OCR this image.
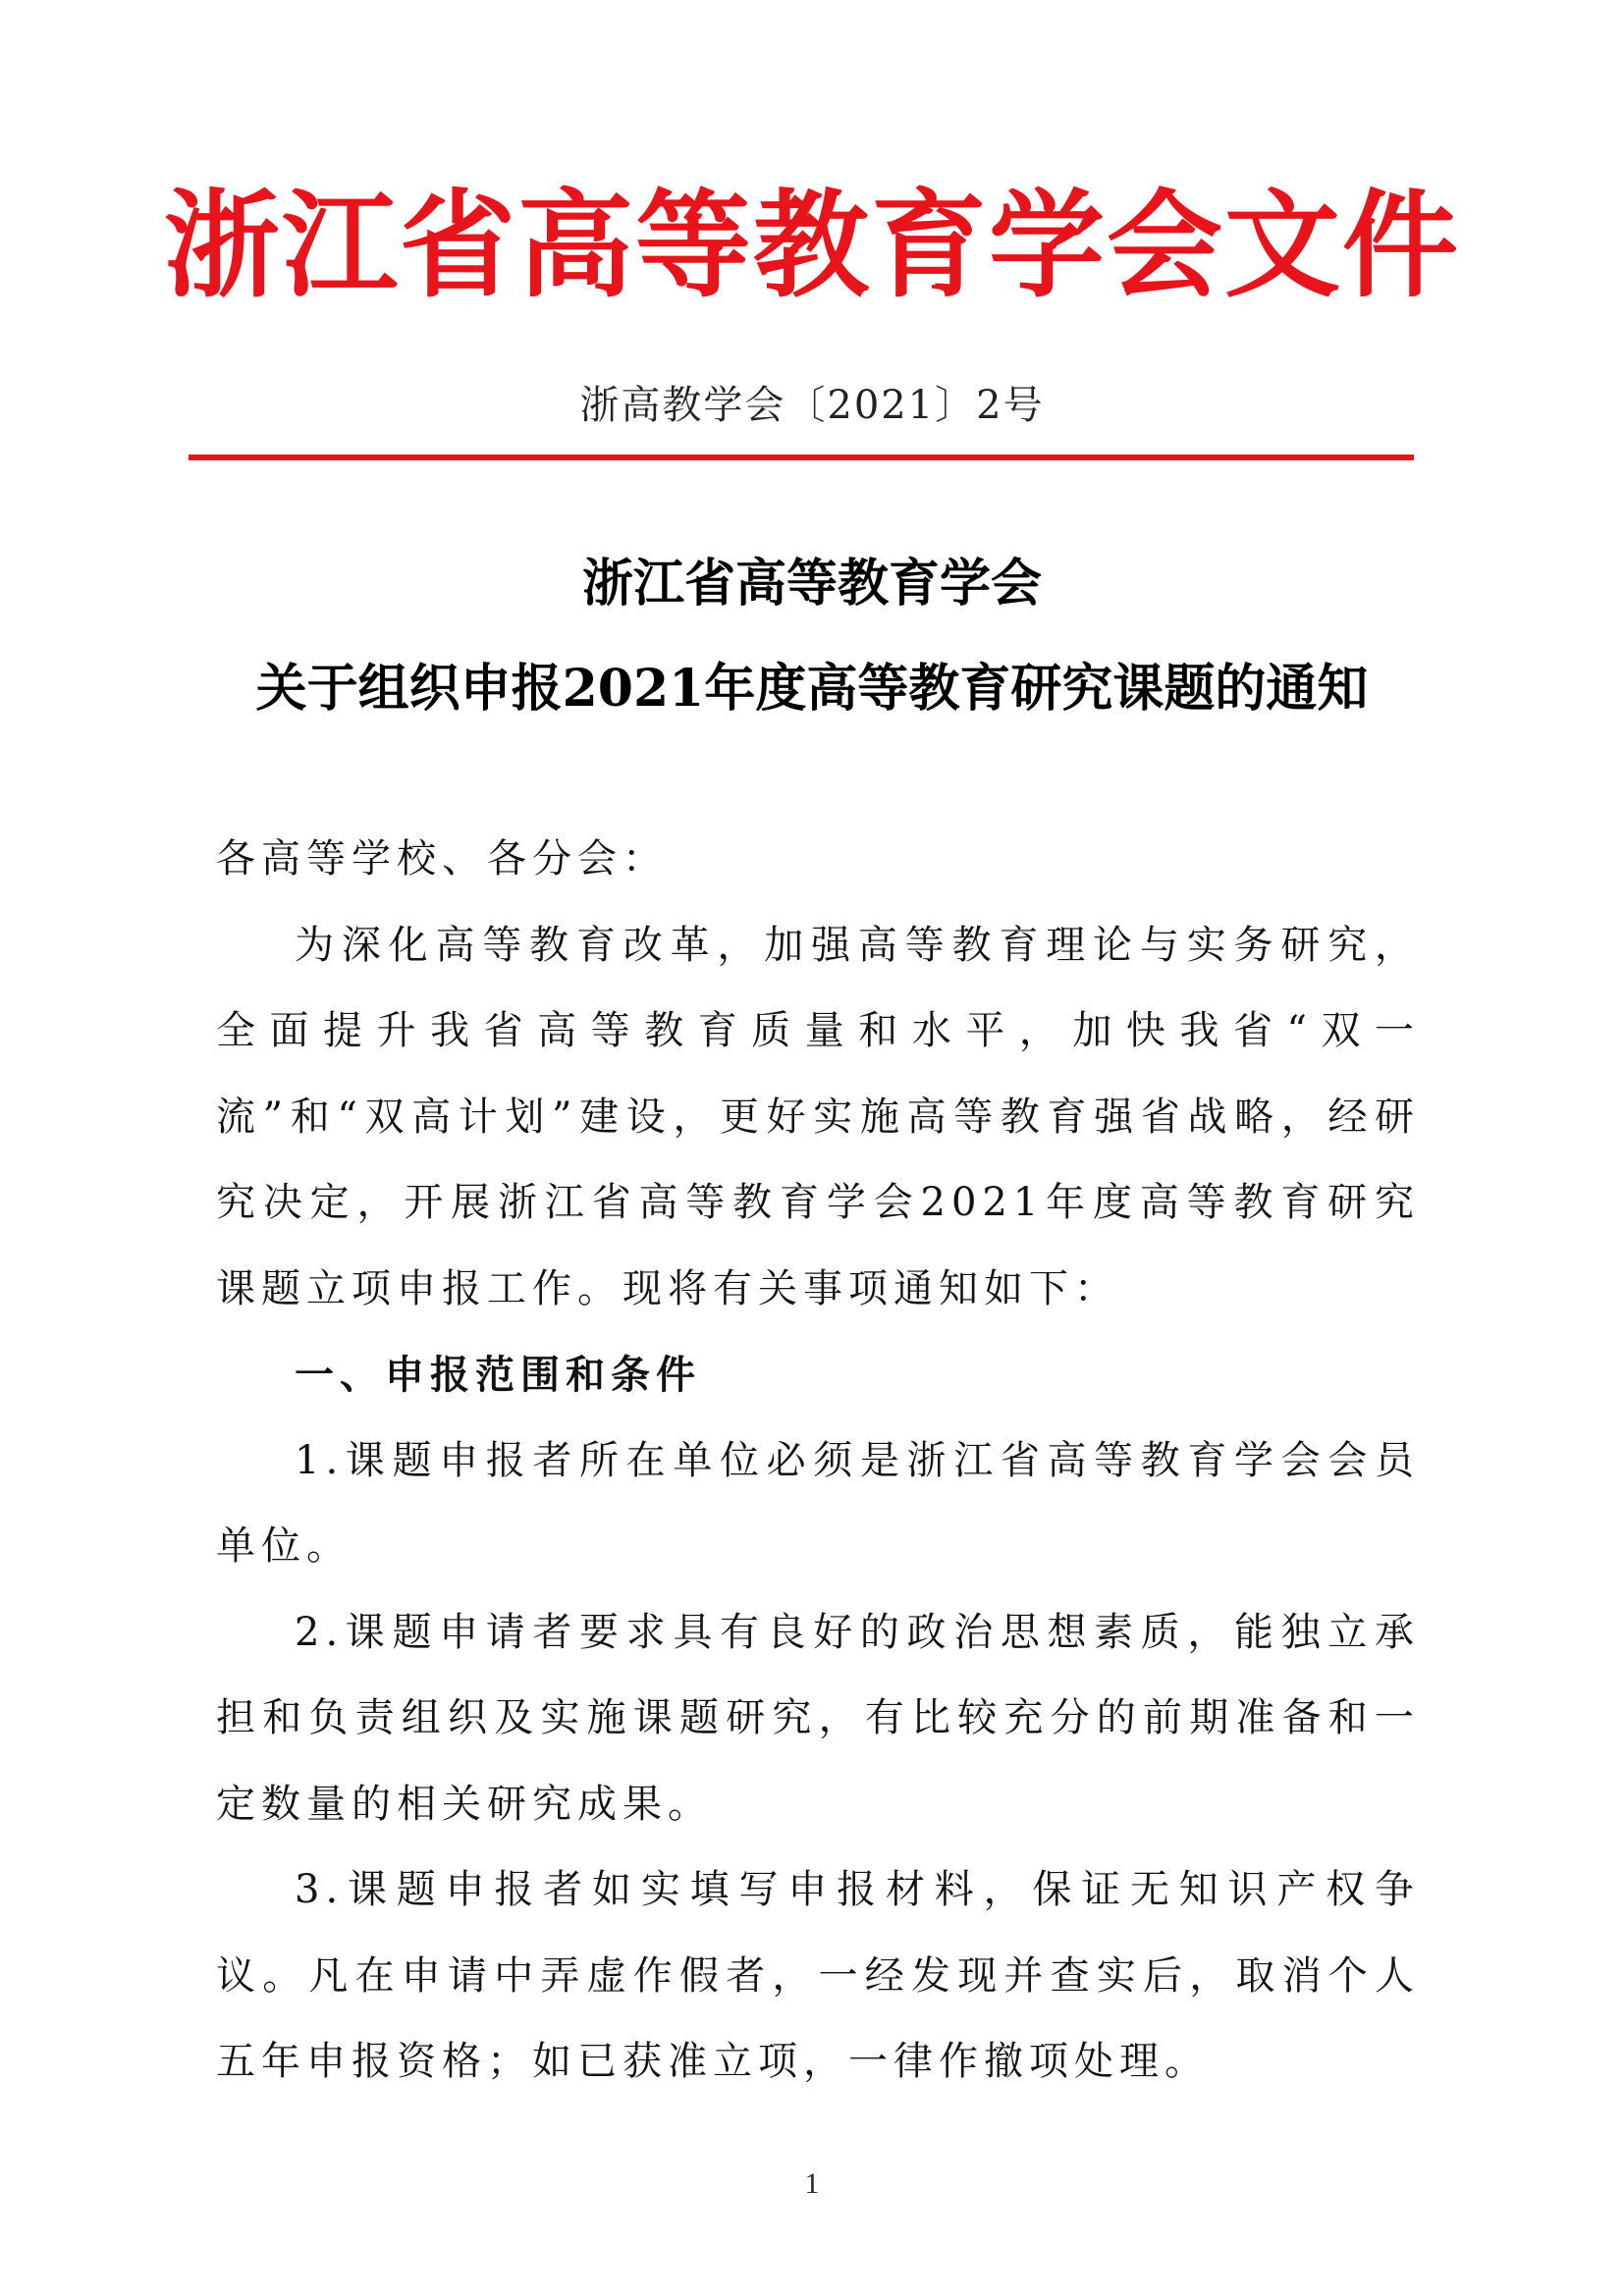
浙江省高等教育学会文件
浙高教学会〔2021〕2号
浙江省高等教育学会
关于组织申报2021年度高等教育研究课题的通知

各高等学校、各分会：

为深化高等教育改革，加强高等教育理论与实务研究，全面提升我省高等教育质量和水平，加快我省“双一流”和“双高计划”建设，更好实施高等教育强省战略，经研究决定，开展浙江省高等教育学会2021年度高等教育研究课题立项申报工作。现将有关事项通知如下：

一、申报范围和条件

1.课题申报者所在单位必须是浙江省高等教育学会会员单位。

2.课题申请者要求具有良好的政治思想素质，能独立承担和负责组织及实施课题研究，有比较充分的前期准备和一定数量的相关研究成果。

3.课题申报者如实填写申报材料，保证无知识产权争议。凡在申请中弄虚作假者，一经发现并查实后，取消个人五年申报资格；如已获准立项，一律作撤项处理。

1
